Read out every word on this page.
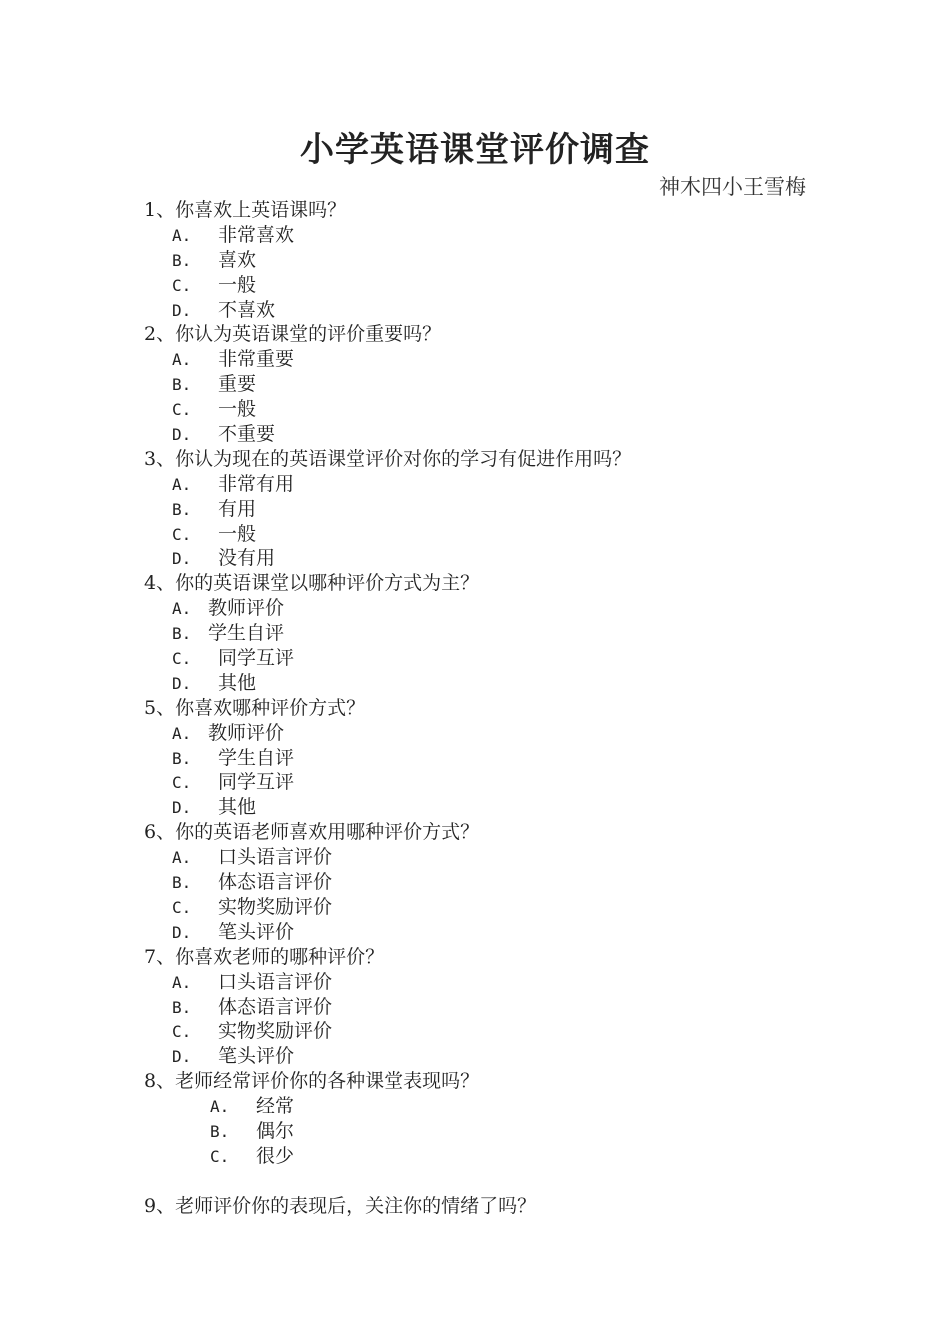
小学英语课堂评价调查
神木四小王雪梅
1、你喜欢上英语课吗？
A. 非常喜欢
B. 喜欢
C. 一般
D. 不喜欢
2、你认为英语课堂的评价重要吗？
A. 非常重要
B. 重要
C. 一般
D. 不重要
3、你认为现在的英语课堂评价对你的学习有促进作用吗？
A. 非常有用
B. 有用
C. 一般
D. 没有用
4、你的英语课堂以哪种评价方式为主？
A. 教师评价
B. 学生自评
C. 同学互评
D. 其他
5、你喜欢哪种评价方式？
A. 教师评价
B. 学生自评
C. 同学互评
D. 其他
6、你的英语老师喜欢用哪种评价方式？
A. 口头语言评价
B. 体态语言评价
C. 实物奖励评价
D. 笔头评价
7、你喜欢老师的哪种评价？
A. 口头语言评价
B. 体态语言评价
C. 实物奖励评价
D. 笔头评价
8、老师经常评价你的各种课堂表现吗？
A. 经常
B. 偶尔
C. 很少
9、老师评价你的表现后，关注你的情绪了吗？
